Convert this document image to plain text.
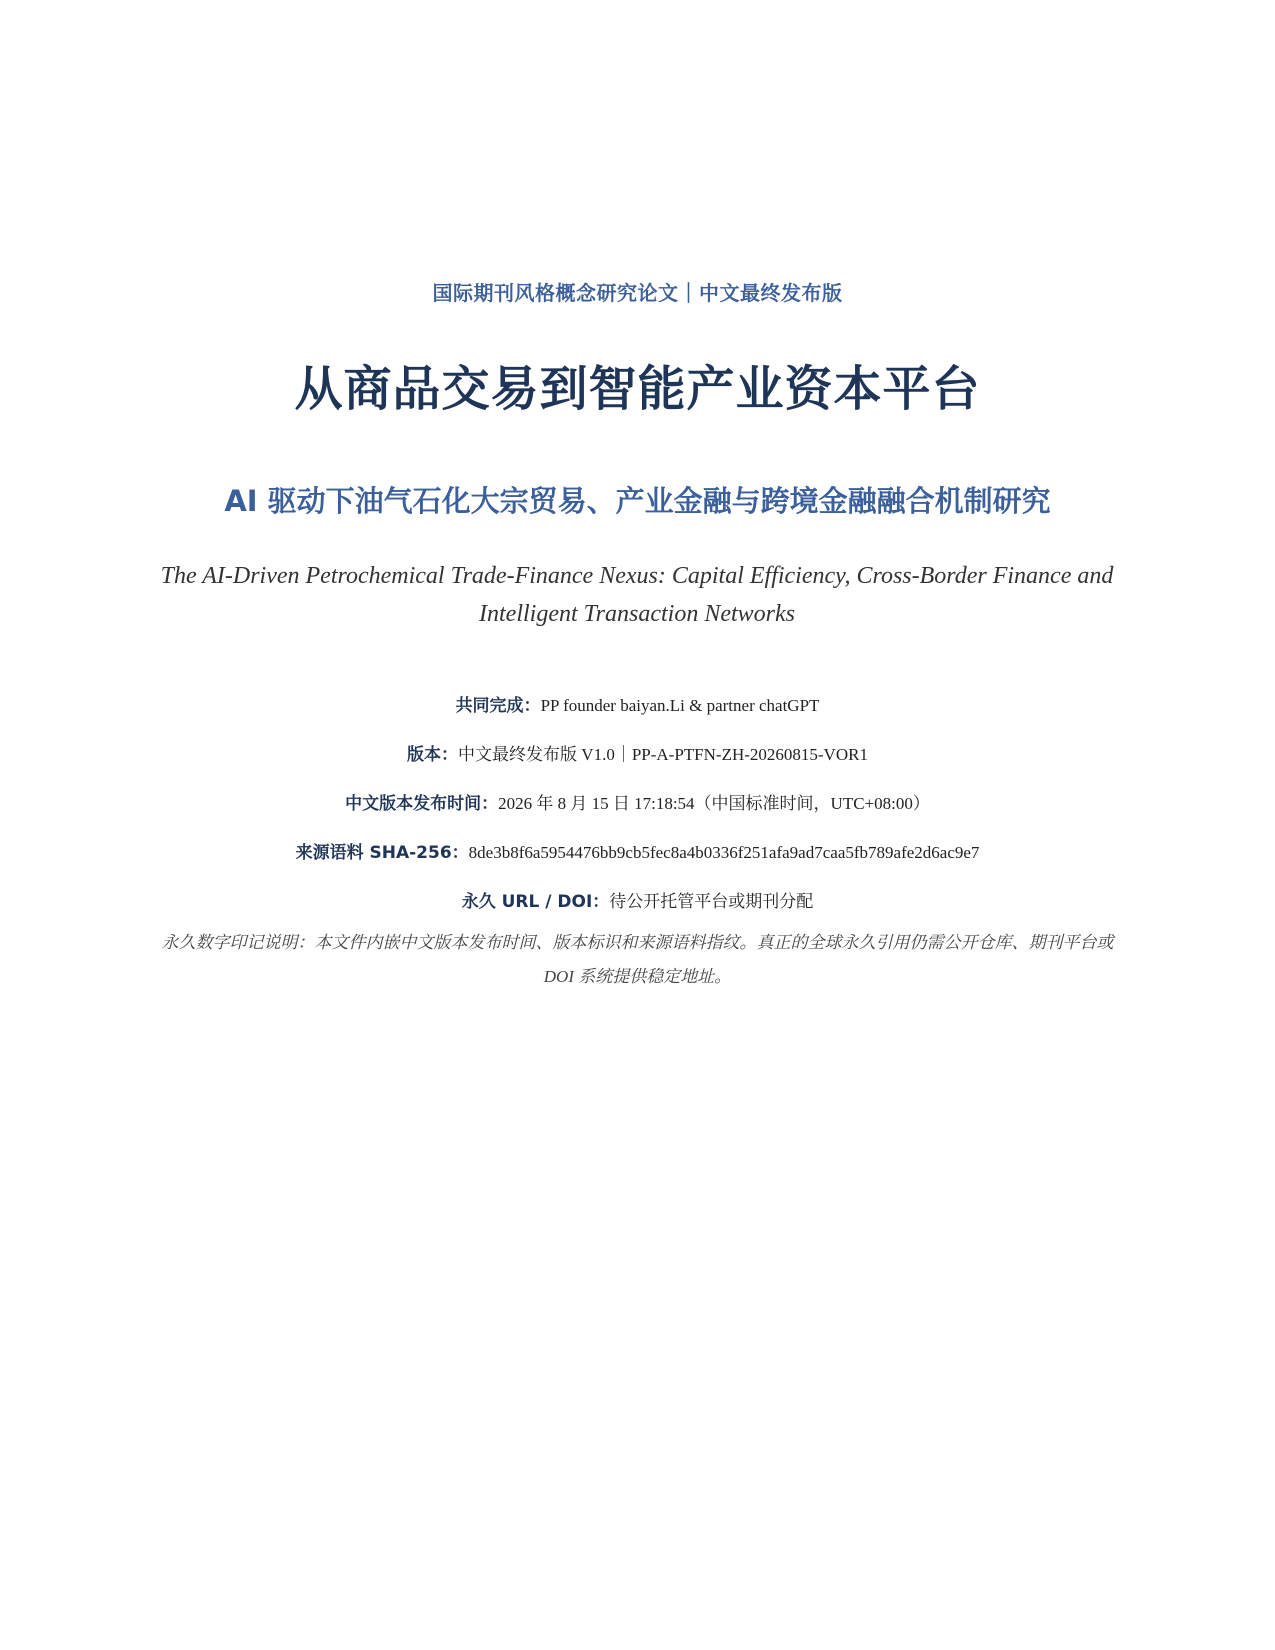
国际期刊风格概念研究论文｜中文最终发布版
从商品交易到智能产业资本平台
AI 驱动下油气石化大宗贸易、产业金融与跨境金融融合机制研究
The AI-Driven Petrochemical Trade-Finance Nexus: Capital Efficiency, Cross-Border Finance and Intelligent Transaction Networks
共同完成：PP founder baiyan.Li & partner chatGPT
版本：中文最终发布版 V1.0｜PP-A-PTFN-ZH-20260815-VOR1
中文版本发布时间：2026 年 8 月 15 日 17:18:54（中国标准时间，UTC+08:00）
来源语料 SHA-256：8de3b8f6a5954476bb9cb5fec8a4b0336f251afa9ad7caa5fb789afe2d6ac9e7
永久 URL / DOI：待公开托管平台或期刊分配
永久数字印记说明：本文件内嵌中文版本发布时间、版本标识和来源语料指纹。真正的全球永久引用仍需公开仓库、期刊平台或 DOI 系统提供稳定地址。
